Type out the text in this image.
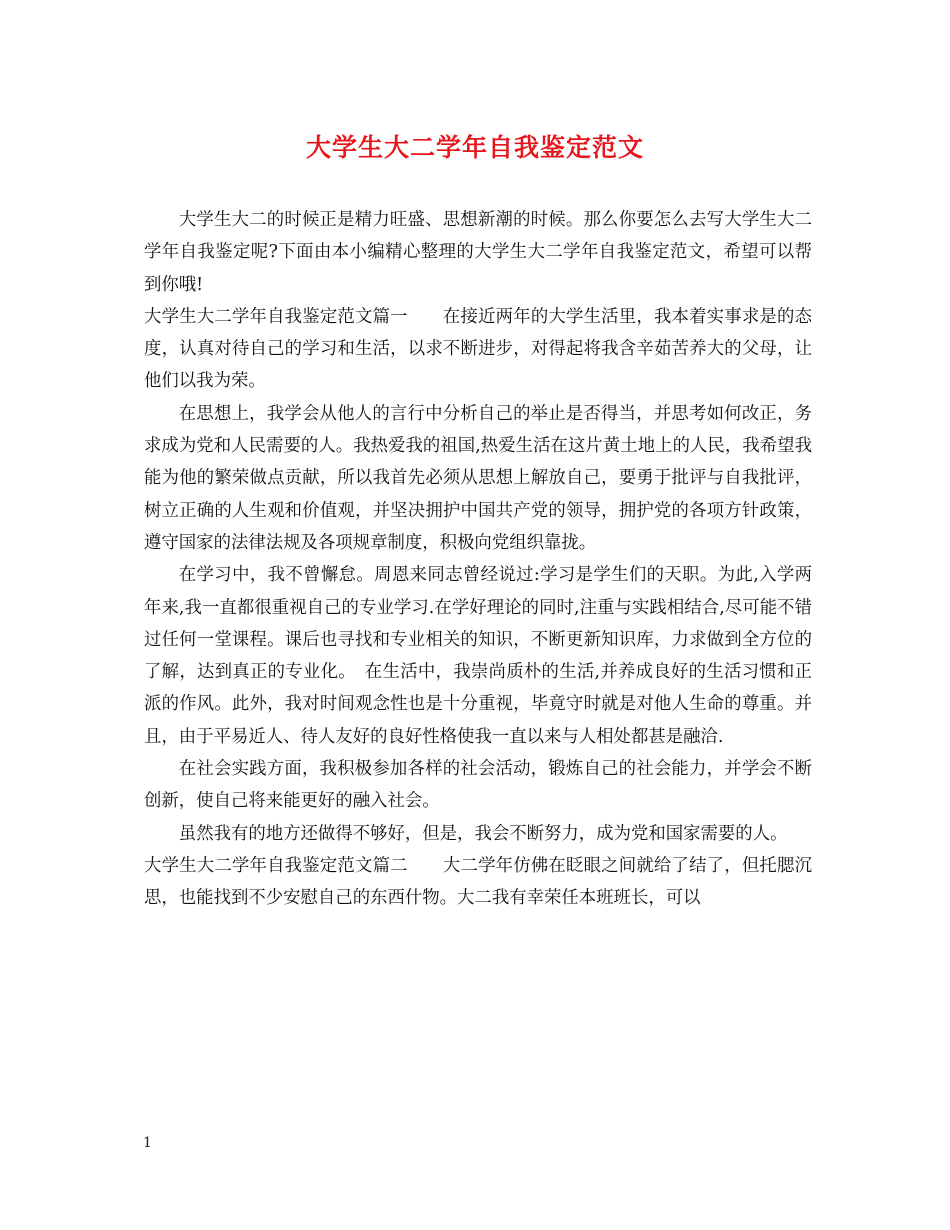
大学生大二学年自我鉴定范文

大学生大二的时候正是精力旺盛、思想新潮的时候。那么你要怎么去写大学生大二学年自我鉴定呢?下面由本小编精心整理的大学生大二学年自我鉴定范文，希望可以帮到你哦!

大学生大二学年自我鉴定范文篇一　　在接近两年的大学生活里，我本着实事求是的态度，认真对待自己的学习和生活，以求不断进步，对得起将我含辛茹苦养大的父母，让他们以我为荣。

在思想上，我学会从他人的言行中分析自己的举止是否得当，并思考如何改正，务求成为党和人民需要的人。我热爱我的祖国,热爱生活在这片黄土地上的人民，我希望我能为他的繁荣做点贡献，所以我首先必须从思想上解放自己，要勇于批评与自我批评，树立正确的人生观和价值观，并坚决拥护中国共产党的领导，拥护党的各项方针政策，遵守国家的法律法规及各项规章制度，积极向党组织靠拢。

在学习中，我不曾懈怠。周恩来同志曾经说过:学习是学生们的天职。为此,入学两年来,我一直都很重视自己的专业学习.在学好理论的同时,注重与实践相结合,尽可能不错过任何一堂课程。课后也寻找和专业相关的知识，不断更新知识库，力求做到全方位的了解，达到真正的专业化。　在生活中，我崇尚质朴的生活,并养成良好的生活习惯和正派的作风。此外，我对时间观念性也是十分重视，毕竟守时就是对他人生命的尊重。并且，由于平易近人、待人友好的良好性格使我一直以来与人相处都甚是融洽.

在社会实践方面，我积极参加各样的社会活动，锻炼自己的社会能力，并学会不断创新，使自己将来能更好的融入社会。

虽然我有的地方还做得不够好，但是，我会不断努力，成为党和国家需要的人。

大学生大二学年自我鉴定范文篇二　　大二学年仿佛在眨眼之间就给了结了，但托腮沉思，也能找到不少安慰自己的东西什物。大二我有幸荣任本班班长，可以

1
